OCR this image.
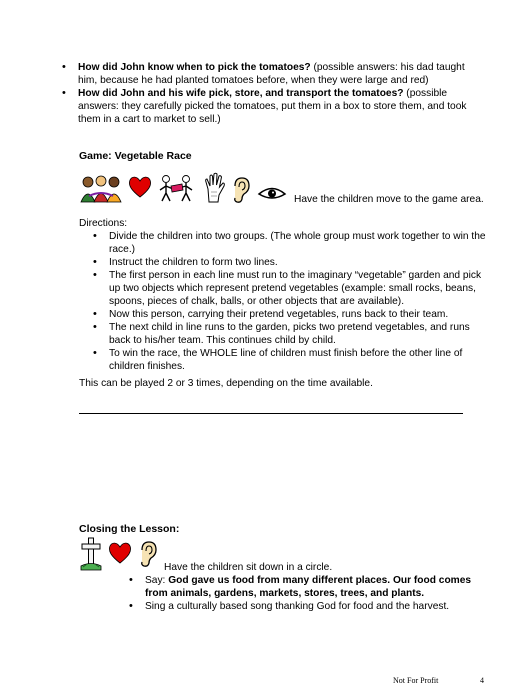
• How did John know when to pick the tomatoes? (possible answers: his dad taught him, because he had planted tomatoes before, when they were large and red)
• How did John and his wife pick, store, and transport the tomatoes? (possible answers: they carefully picked the tomatoes, put them in a box to store them, and took them in a cart to market to sell.)
Game: Vegetable Race
Have the children move to the game area.
Directions:
• Divide the children into two groups. (The whole group must work together to win the race.)
• Instruct the children to form two lines.
• The first person in each line must run to the imaginary “vegetable” garden and pick up two objects which represent pretend vegetables (example: small rocks, beans, spoons, pieces of chalk, balls, or other objects that are available).
• Now this person, carrying their pretend vegetables, runs back to their team.
• The next child in line runs to the garden, picks two pretend vegetables, and runs back to his/her team. This continues child by child.
• To win the race, the WHOLE line of children must finish before the other line of children finishes.
This can be played 2 or 3 times, depending on the time available.
Closing the Lesson:
Have the children sit down in a circle.
• Say: God gave us food from many different places. Our food comes from animals, gardens, markets, stores, trees, and plants.
• Sing a culturally based song thanking God for food and the harvest.
Not For Profit	4
